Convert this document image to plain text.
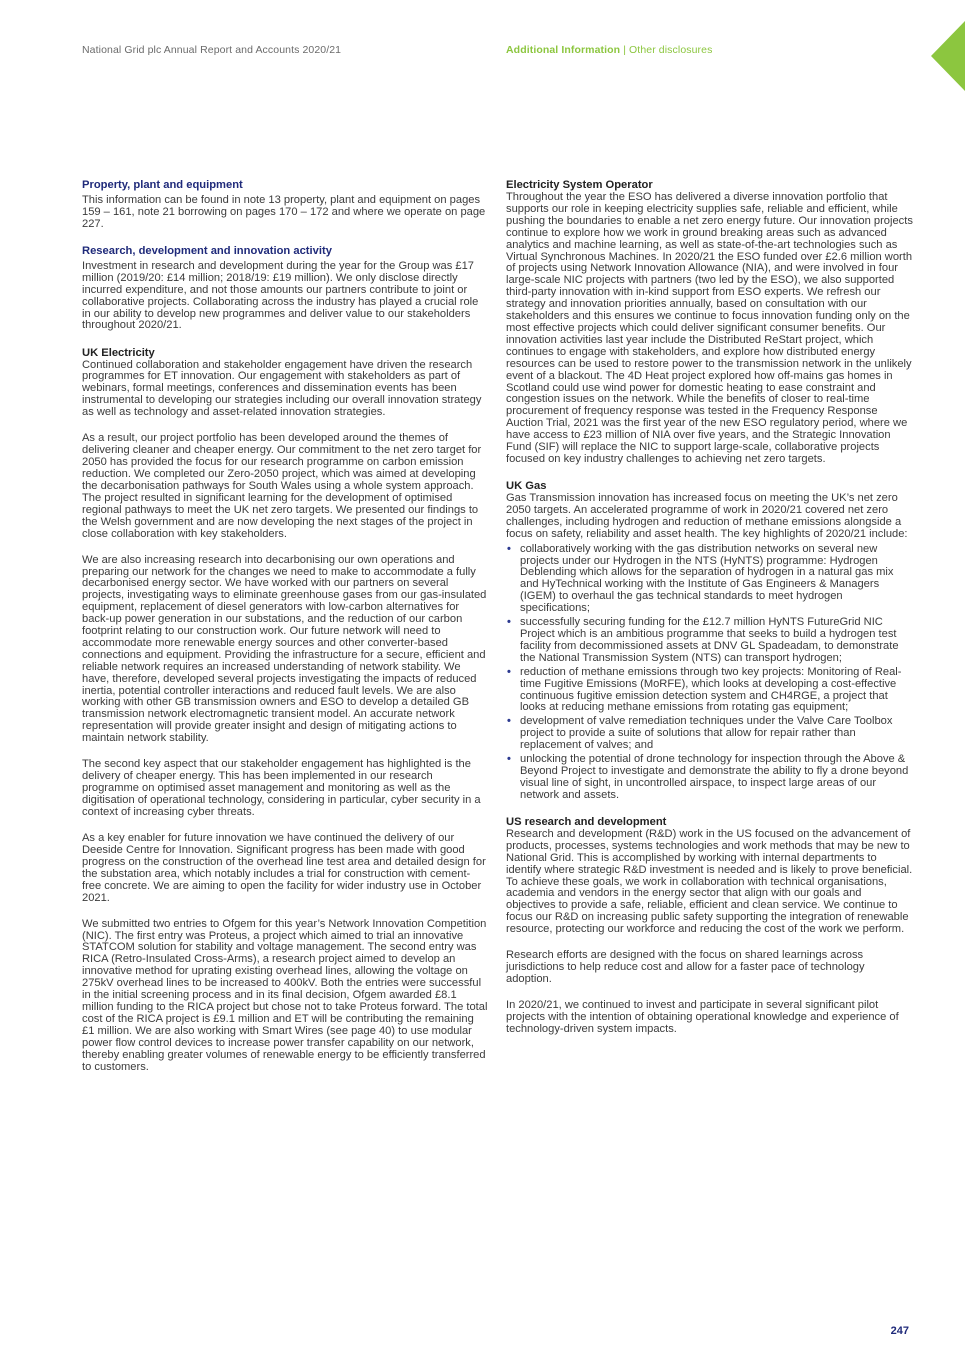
National Grid plc Annual Report and Accounts 2020/21	Additional Information | Other disclosures
Property, plant and equipment

This information can be found in note 13 property, plant and equipment on pages 159 – 161, note 21 borrowing on pages 170 – 172 and where we operate on page 227.

Research, development and innovation activity

Investment in research and development during the year for the Group was £17 million (2019/20: £14 million; 2018/19: £19 million). We only disclose directly incurred expenditure, and not those amounts our partners contribute to joint or collaborative projects. Collaborating across the industry has played a crucial role in our ability to develop new programmes and deliver value to our stakeholders throughout 2020/21.

UK Electricity

Continued collaboration and stakeholder engagement have driven the research programmes for ET innovation. Our engagement with stakeholders as part of webinars, formal meetings, conferences and dissemination events has been instrumental to developing our strategies including our overall innovation strategy as well as technology and asset-related innovation strategies.

As a result, our project portfolio has been developed around the themes of delivering cleaner and cheaper energy. Our commitment to the net zero target for 2050 has provided the focus for our research programme on carbon emission reduction. We completed our Zero-2050 project, which was aimed at developing the decarbonisation pathways for South Wales using a whole system approach. The project resulted in significant learning for the development of optimised regional pathways to meet the UK net zero targets. We presented our findings to the Welsh government and are now developing the next stages of the project in close collaboration with key stakeholders.

We are also increasing research into decarbonising our own operations and preparing our network for the changes we need to make to accommodate a fully decarbonised energy sector. We have worked with our partners on several projects, investigating ways to eliminate greenhouse gases from our gas-insulated equipment, replacement of diesel generators with low-carbon alternatives for back-up power generation in our substations, and the reduction of our carbon footprint relating to our construction work. Our future network will need to accommodate more renewable energy sources and other converter-based connections and equipment. Providing the infrastructure for a secure, efficient and reliable network requires an increased understanding of network stability. We have, therefore, developed several projects investigating the impacts of reduced inertia, potential controller interactions and reduced fault levels. We are also working with other GB transmission owners and ESO to develop a detailed GB transmission network electromagnetic transient model. An accurate network representation will provide greater insight and design of mitigating actions to maintain network stability.

The second key aspect that our stakeholder engagement has highlighted is the delivery of cheaper energy. This has been implemented in our research programme on optimised asset management and monitoring as well as the digitisation of operational technology, considering in particular, cyber security in a context of increasing cyber threats.

As a key enabler for future innovation we have continued the delivery of our Deeside Centre for Innovation. Significant progress has been made with good progress on the construction of the overhead line test area and detailed design for the substation area, which notably includes a trial for construction with cement-free concrete. We are aiming to open the facility for wider industry use in October 2021.

We submitted two entries to Ofgem for this year’s Network Innovation Competition (NIC). The first entry was Proteus, a project which aimed to trial an innovative STATCOM solution for stability and voltage management. The second entry was RICA (Retro-Insulated Cross-Arms), a research project aimed to develop an innovative method for uprating existing overhead lines, allowing the voltage on 275kV overhead lines to be increased to 400kV. Both the entries were successful in the initial screening process and in its final decision, Ofgem awarded £8.1 million funding to the RICA project but chose not to take Proteus forward. The total cost of the RICA project is £9.1 million and ET will be contributing the remaining £1 million. We are also working with Smart Wires (see page 40) to use modular power flow control devices to increase power transfer capability on our network, thereby enabling greater volumes of renewable energy to be efficiently transferred to customers.

Electricity System Operator

Throughout the year the ESO has delivered a diverse innovation portfolio that supports our role in keeping electricity supplies safe, reliable and efficient, while pushing the boundaries to enable a net zero energy future. Our innovation projects continue to explore how we work in ground breaking areas such as advanced analytics and machine learning, as well as state-of-the-art technologies such as Virtual Synchronous Machines. In 2020/21 the ESO funded over £2.6 million worth of projects using Network Innovation Allowance (NIA), and were involved in four large-scale NIC projects with partners (two led by the ESO), we also supported third-party innovation with in-kind support from ESO experts. We refresh our strategy and innovation priorities annually, based on consultation with our stakeholders and this ensures we continue to focus innovation funding only on the most effective projects which could deliver significant consumer benefits. Our innovation activities last year include the Distributed ReStart project, which continues to engage with stakeholders, and explore how distributed energy resources can be used to restore power to the transmission network in the unlikely event of a blackout. The 4D Heat project explored how off-mains gas homes in Scotland could use wind power for domestic heating to ease constraint and congestion issues on the network. While the benefits of closer to real-time procurement of frequency response was tested in the Frequency Response Auction Trial, 2021 was the first year of the new ESO regulatory period, where we have access to £23 million of NIA over five years, and the Strategic Innovation Fund (SIF) will replace the NIC to support large-scale, collaborative projects focused on key industry challenges to achieving net zero targets.

UK Gas

Gas Transmission innovation has increased focus on meeting the UK’s net zero 2050 targets. An accelerated programme of work in 2020/21 covered net zero challenges, including hydrogen and reduction of methane emissions alongside a focus on safety, reliability and asset health. The key highlights of 2020/21 include:

• collaboratively working with the gas distribution networks on several new projects under our Hydrogen in the NTS (HyNTS) programme: Hydrogen Deblending which allows for the separation of hydrogen in a natural gas mix and HyTechnical working with the Institute of Gas Engineers & Managers (IGEM) to overhaul the gas technical standards to meet hydrogen specifications;
• successfully securing funding for the £12.7 million HyNTS FutureGrid NIC Project which is an ambitious programme that seeks to build a hydrogen test facility from decommissioned assets at DNV GL Spadeadam, to demonstrate the National Transmission System (NTS) can transport hydrogen;
• reduction of methane emissions through two key projects: Monitoring of Real-time Fugitive Emissions (MoRFE), which looks at developing a cost-effective continuous fugitive emission detection system and CH4RGE, a project that looks at reducing methane emissions from rotating gas equipment;
• development of valve remediation techniques under the Valve Care Toolbox project to provide a suite of solutions that allow for repair rather than replacement of valves; and
• unlocking the potential of drone technology for inspection through the Above & Beyond Project to investigate and demonstrate the ability to fly a drone beyond visual line of sight, in uncontrolled airspace, to inspect large areas of our network and assets.
US research and development

Research and development (R&D) work in the US focused on the advancement of products, processes, systems technologies and work methods that may be new to National Grid. This is accomplished by working with internal departments to identify where strategic R&D investment is needed and is likely to prove beneficial. To achieve these goals, we work in collaboration with technical organisations, academia and vendors in the energy sector that align with our goals and objectives to provide a safe, reliable, efficient and clean service. We continue to focus our R&D on increasing public safety supporting the integration of renewable resource, protecting our workforce and reducing the cost of the work we perform.

Research efforts are designed with the focus on shared learnings across jurisdictions to help reduce cost and allow for a faster pace of technology adoption.

In 2020/21, we continued to invest and participate in several significant pilot projects with the intention of obtaining operational knowledge and experience of technology-driven system impacts.

247
